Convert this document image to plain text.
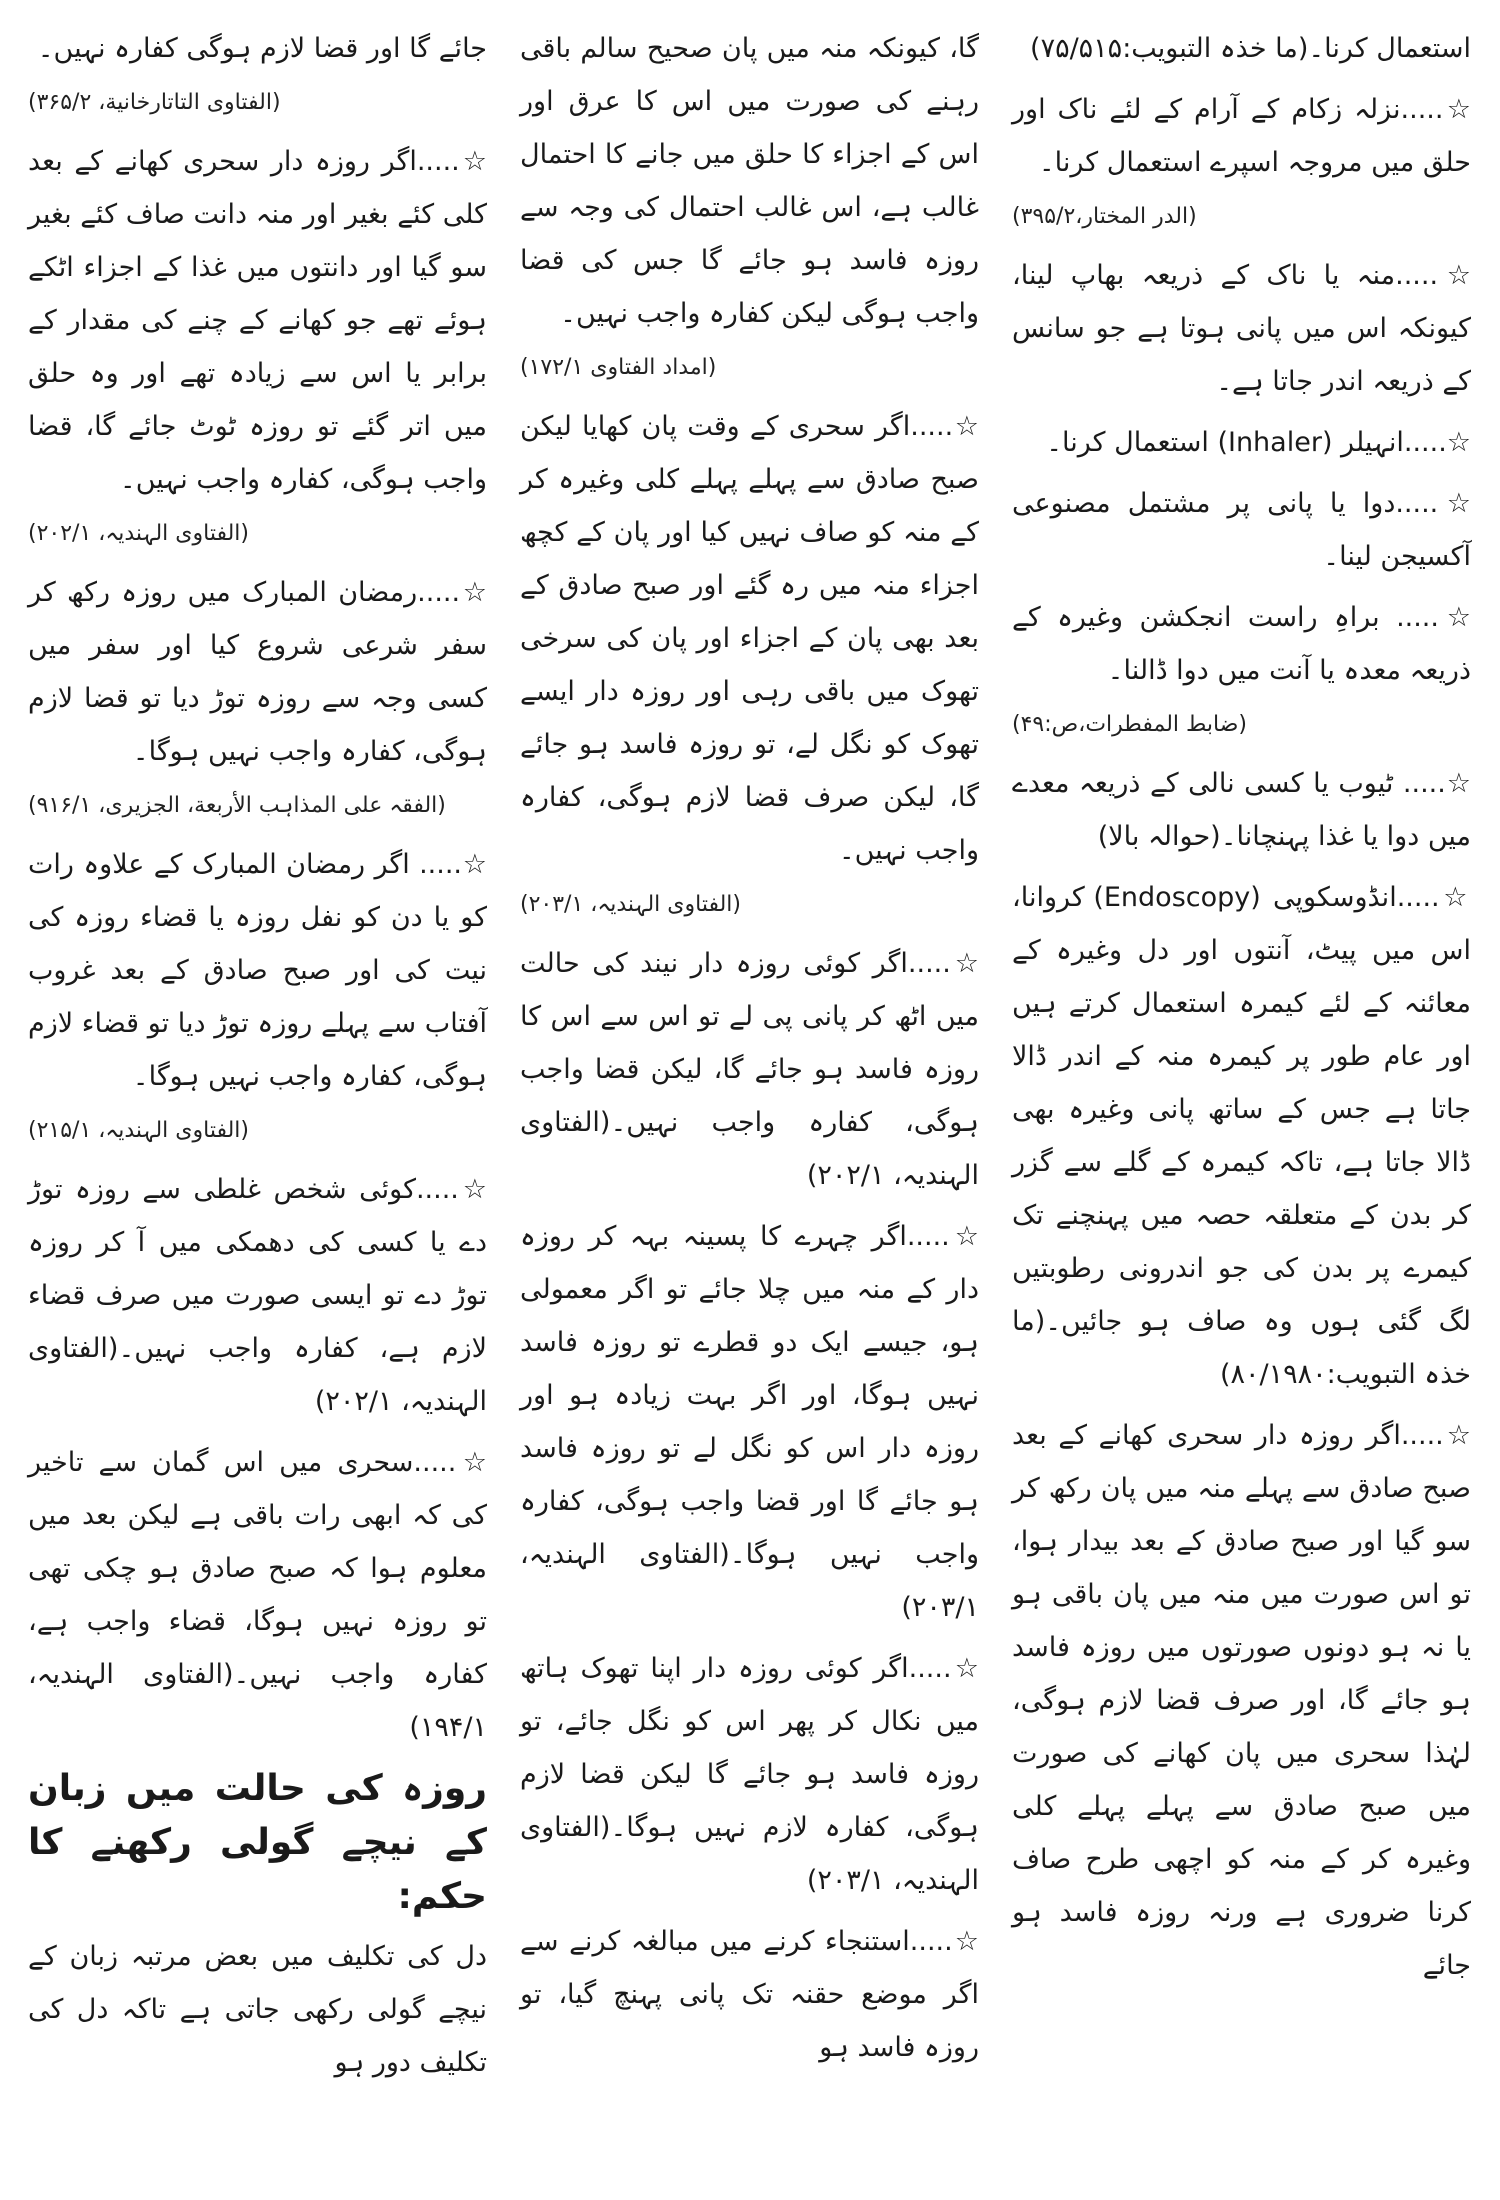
جائے گا اور قضا لازم ہوگی کفارہ نہیں۔

(الفتاوی التاتارخانیة، ۳۶۵/۲)

☆.....اگر روزہ دار سحری کھانے کے بعد کلی کئے بغیر اور منہ دانت صاف کئے بغیر سو گیا اور دانتوں میں غذا کے اجزاء اٹکے ہوئے تھے جو کھانے کے چنے کی مقدار کے برابر یا اس سے زیادہ تھے اور وہ حلق میں اتر گئے تو روزہ ٹوٹ جائے گا، قضا واجب ہوگی، کفارہ واجب نہیں۔

(الفتاوی الہندیہ، ۲۰۲/۱)

☆.....رمضان المبارک میں روزہ رکھ کر سفر شرعی شروع کیا اور سفر میں کسی وجہ سے روزہ توڑ دیا تو قضا لازم ہوگی، کفارہ واجب نہیں ہوگا۔

(الفقہ علی المذاہب الأربعة، الجزیری، ۹۱۶/۱)

☆..... اگر رمضان المبارک کے علاوہ رات کو یا دن کو نفل روزہ یا قضاء روزہ کی نیت کی اور صبح صادق کے بعد غروب آفتاب سے پہلے روزہ توڑ دیا تو قضاء لازم ہوگی، کفارہ واجب نہیں ہوگا۔

(الفتاوی الہندیہ، ۲۱۵/۱)

☆.....کوئی شخص غلطی سے روزہ توڑ دے یا کسی کی دھمکی میں آ کر روزہ توڑ دے تو ایسی صورت میں صرف قضاء لازم ہے، کفارہ واجب نہیں۔(الفتاوی الہندیہ، ۲۰۲/۱)

☆.....سحری میں اس گمان سے تاخیر کی کہ ابھی رات باقی ہے لیکن بعد میں معلوم ہوا کہ صبح صادق ہو چکی تھی تو روزہ نہیں ہوگا، قضاء واجب ہے، کفارہ واجب نہیں۔(الفتاوی الہندیہ، ۱۹۴/۱)

روزہ کی حالت میں زبان کے نیچے گولی رکھنے کا حکم:

دل کی تکلیف میں بعض مرتبہ زبان کے نیچے گولی رکھی جاتی ہے تاکہ دل کی تکلیف دور ہو

گا، کیونکہ منہ میں پان صحیح سالم باقی رہنے کی صورت میں اس کا عرق اور اس کے اجزاء کا حلق میں جانے کا احتمال غالب ہے، اس غالب احتمال کی وجہ سے روزہ فاسد ہو جائے گا جس کی قضا واجب ہوگی لیکن کفارہ واجب نہیں۔

(امداد الفتاوی ۱۷۲/۱)

☆.....اگر سحری کے وقت پان کھایا لیکن صبح صادق سے پہلے پہلے کلی وغیرہ کر کے منہ کو صاف نہیں کیا اور پان کے کچھ اجزاء منہ میں رہ گئے اور صبح صادق کے بعد بھی پان کے اجزاء اور پان کی سرخی تھوک میں باقی رہی اور روزہ دار ایسے تھوک کو نگل لے، تو روزہ فاسد ہو جائے گا، لیکن صرف قضا لازم ہوگی، کفارہ واجب نہیں۔

(الفتاوی الہندیہ، ۲۰۳/۱)

☆.....اگر کوئی روزہ دار نیند کی حالت میں اٹھ کر پانی پی لے تو اس سے اس کا روزہ فاسد ہو جائے گا، لیکن قضا واجب ہوگی، کفارہ واجب نہیں۔(الفتاوی الہندیہ، ۲۰۲/۱)

☆.....اگر چہرے کا پسینہ بہہ کر روزہ دار کے منہ میں چلا جائے تو اگر معمولی ہو، جیسے ایک دو قطرے تو روزہ فاسد نہیں ہوگا، اور اگر بہت زیادہ ہو اور روزہ دار اس کو نگل لے تو روزہ فاسد ہو جائے گا اور قضا واجب ہوگی، کفارہ واجب نہیں ہوگا۔(الفتاوی الہندیہ، ۲۰۳/۱)

☆.....اگر کوئی روزہ دار اپنا تھوک ہاتھ میں نکال کر پھر اس کو نگل جائے، تو روزہ فاسد ہو جائے گا لیکن قضا لازم ہوگی، کفارہ لازم نہیں ہوگا۔(الفتاوی الہندیہ، ۲۰۳/۱)

☆.....استنجاء کرنے میں مبالغہ کرنے سے اگر موضع حقنہ تک پانی پہنچ گیا، تو روزہ فاسد ہو

استعمال کرنا۔(ما خذہ التبویب:۷۵/۵۱۵)

☆.....نزلہ زکام کے آرام کے لئے ناک اور حلق میں مروجہ اسپرے استعمال کرنا۔

(الدر المختار،۳۹۵/۲)

☆.....منہ یا ناک کے ذریعہ بھاپ لینا، کیونکہ اس میں پانی ہوتا ہے جو سانس کے ذریعہ اندر جاتا ہے۔

☆.....انہیلر (Inhaler) استعمال کرنا۔

☆.....دوا یا پانی پر مشتمل مصنوعی آکسیجن لینا۔

☆..... براہِ راست انجکشن وغیرہ کے ذریعہ معدہ یا آنت میں دوا ڈالنا۔

(ضابط المفطرات،ص:۴۹)

☆..... ٹیوب یا کسی نالی کے ذریعہ معدے میں دوا یا غذا پہنچانا۔(حوالہ بالا)

☆.....انڈوسکوپی (Endoscopy) کروانا، اس میں پیٹ، آنتوں اور دل وغیرہ کے معائنہ کے لئے کیمرہ استعمال کرتے ہیں اور عام طور پر کیمرہ منہ کے اندر ڈالا جاتا ہے جس کے ساتھ پانی وغیرہ بھی ڈالا جاتا ہے، تاکہ کیمرہ کے گلے سے گزر کر بدن کے متعلقہ حصہ میں پہنچنے تک کیمرے پر بدن کی جو اندرونی رطوبتیں لگ گئی ہوں وہ صاف ہو جائیں۔(ما خذہ التبویب:۸۰/۱۹۸۰)

☆.....اگر روزہ دار سحری کھانے کے بعد صبح صادق سے پہلے منہ میں پان رکھ کر سو گیا اور صبح صادق کے بعد بیدار ہوا، تو اس صورت میں منہ میں پان باقی ہو یا نہ ہو دونوں صورتوں میں روزہ فاسد ہو جائے گا، اور صرف قضا لازم ہوگی، لہٰذا سحری میں پان کھانے کی صورت میں صبح صادق سے پہلے پہلے کلی وغیرہ کر کے منہ کو اچھی طرح صاف کرنا ضروری ہے ورنہ روزہ فاسد ہو جائے
